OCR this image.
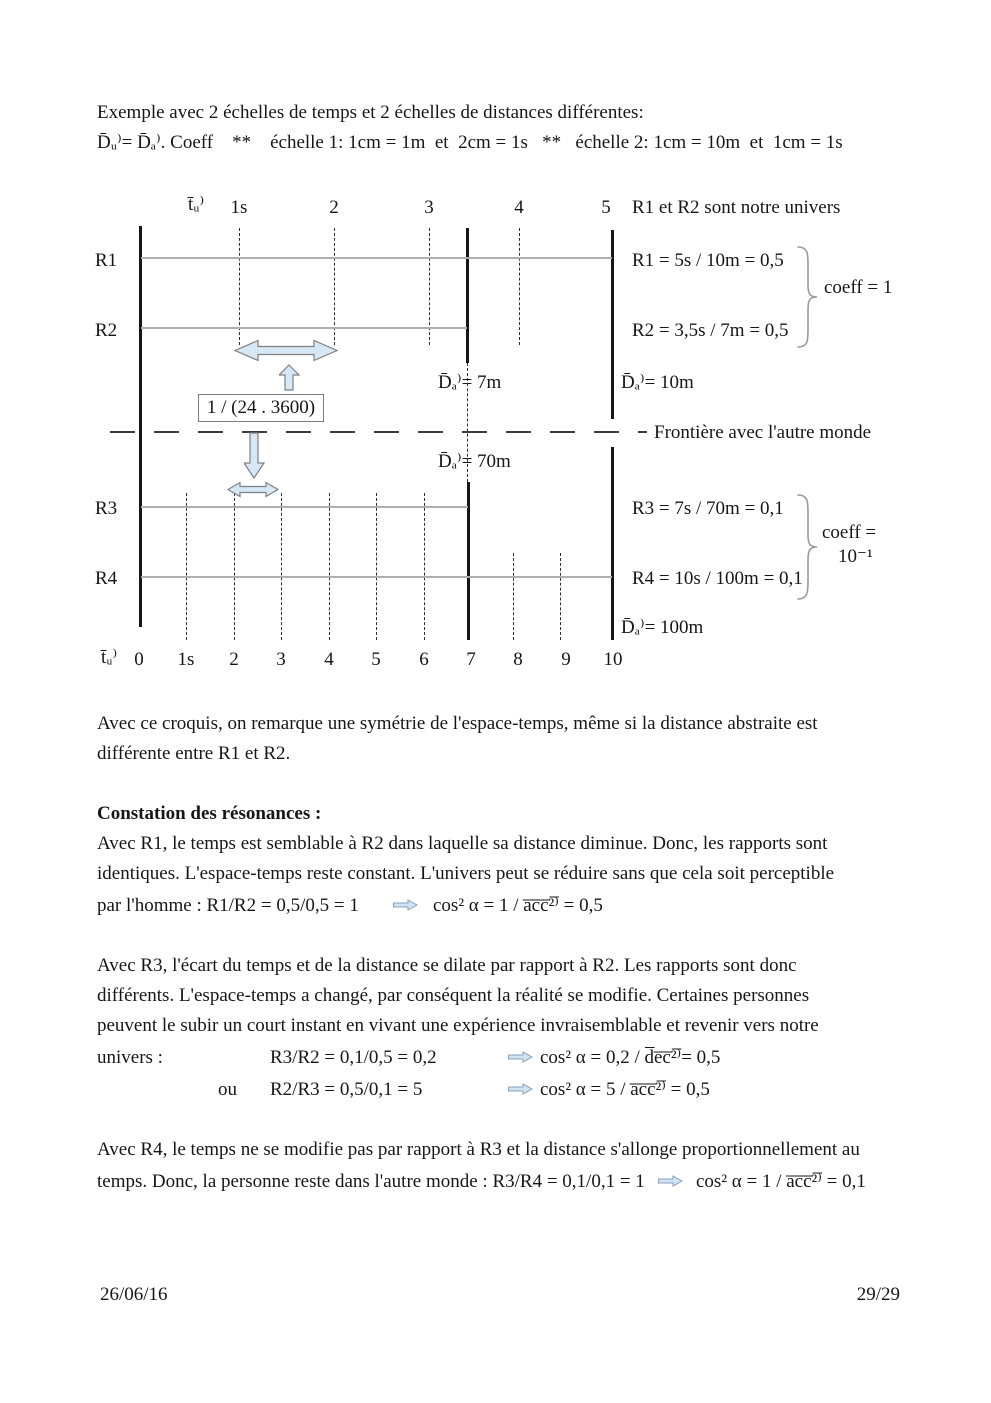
Exemple avec 2 échelles de temps et 2 échelles de distances différentes:
D̄ᵤ⁾= D̄ₐ⁾. Coeff    **    échelle 1: 1cm = 1m  et  2cm = 1s   **   échelle 2: 1cm = 10m  et  1cm = 1s
t̄ᵤ⁾	1s	2	3	4	5	R1 et R2 sont notre univers
R1
R2
R3
R4
R1 = 5s / 10m = 0,5
R2 = 3,5s / 7m = 0,5
coeff = 1
D̄ₐ⁾= 7m	D̄ₐ⁾= 10m
1 / (24 . 3600)
Frontière avec l'autre monde
D̄ₐ⁾= 70m
R3 = 7s / 70m = 0,1
R4 = 10s / 100m = 0,1
coeff =
10⁻¹
D̄ₐ⁾= 100m
t̄ᵤ⁾ 0	1s	2	3	4	5	6	7	8	9	10
Avec ce croquis, on remarque une symétrie de l'espace-temps, même si la distance abstraite est
différente entre R1 et R2.
Constation des résonances :
Avec R1, le temps est semblable à R2 dans laquelle sa distance diminue. Donc, les rapports sont
identiques. L'espace-temps reste constant. L'univers peut se réduire sans que cela soit perceptible
par l'homme : R1/R2 = 0,5/0,5 = 1	cos² α = 1 / a̅c̅c̅²̅⁾ = 0,5
Avec R3, l'écart du temps et de la distance se dilate par rapport à R2. Les rapports sont donc
différents. L'espace-temps a changé, par conséquent la réalité se modifie. Certaines personnes
peuvent le subir un court instant en vivant une expérience invraisemblable et revenir vers notre
univers :	R3/R2 = 0,1/0,5 = 0,2	cos² α = 0,2 / d̅e̅c̅²̅⁾= 0,5
ou R2/R3 = 0,5/0,1 = 5	cos² α = 5 / a̅c̅c̅²̅⁾ = 0,5
Avec R4, le temps ne se modifie pas par rapport à R3 et la distance s'allonge proportionnellement au
temps. Donc, la personne reste dans l'autre monde : R3/R4 = 0,1/0,1 = 1	cos² α = 1 / a̅c̅c̅²̅⁾ = 0,1
26/06/16	29/29
